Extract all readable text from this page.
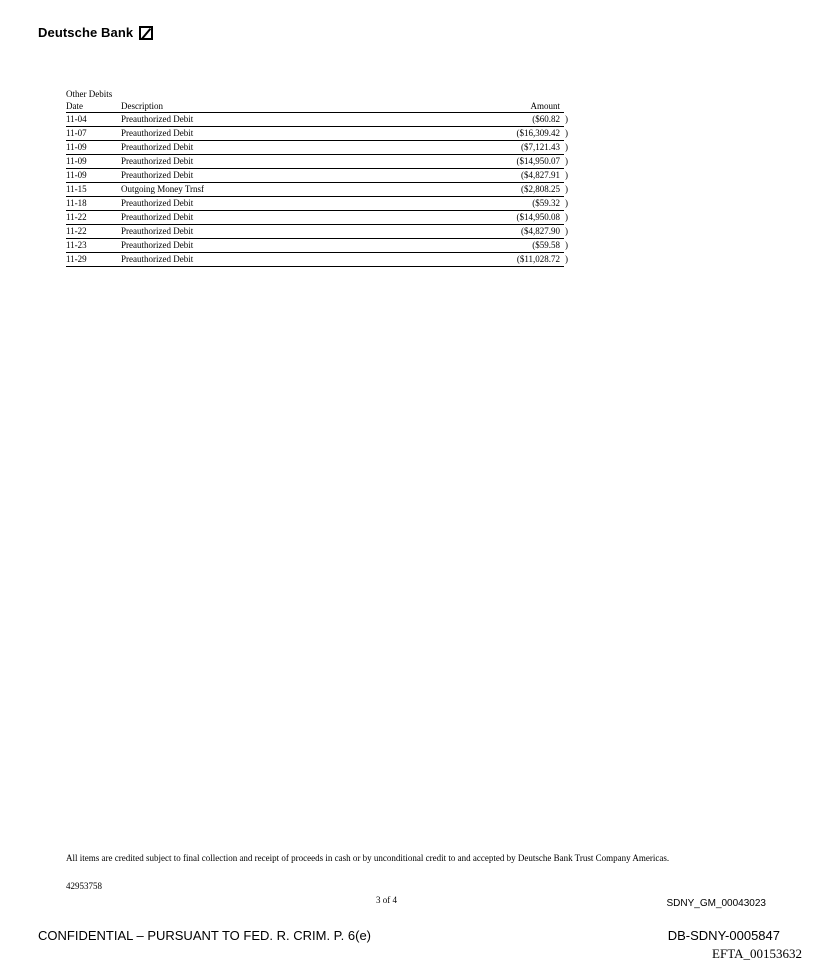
Deutsche Bank
Other Debits
Date	Description	Amount
11-04	Preauthorized Debit	($60.82 )
11-07	Preauthorized Debit	($16,309.42 )
11-09	Preauthorized Debit	($7,121.43 )
11-09	Preauthorized Debit	($14,950.07 )
11-09	Preauthorized Debit	($4,827.91 )
11-15	Outgoing Money Trnsf	($2,808.25 )
11-18	Preauthorized Debit	($59.32 )
11-22	Preauthorized Debit	($14,950.08 )
11-22	Preauthorized Debit	($4,827.90 )
11-23	Preauthorized Debit	($59.58 )
11-29	Preauthorized Debit	($11,028.72 )
All items are credited subject to final collection and receipt of proceeds in cash or by unconditional credit to and accepted by Deutsche Bank Trust Company Americas.
42953758
3 of 4	SDNY_GM_00043023
CONFIDENTIAL – PURSUANT TO FED. R. CRIM. P. 6(e)	DB-SDNY-0005847
EFTA_00153632
